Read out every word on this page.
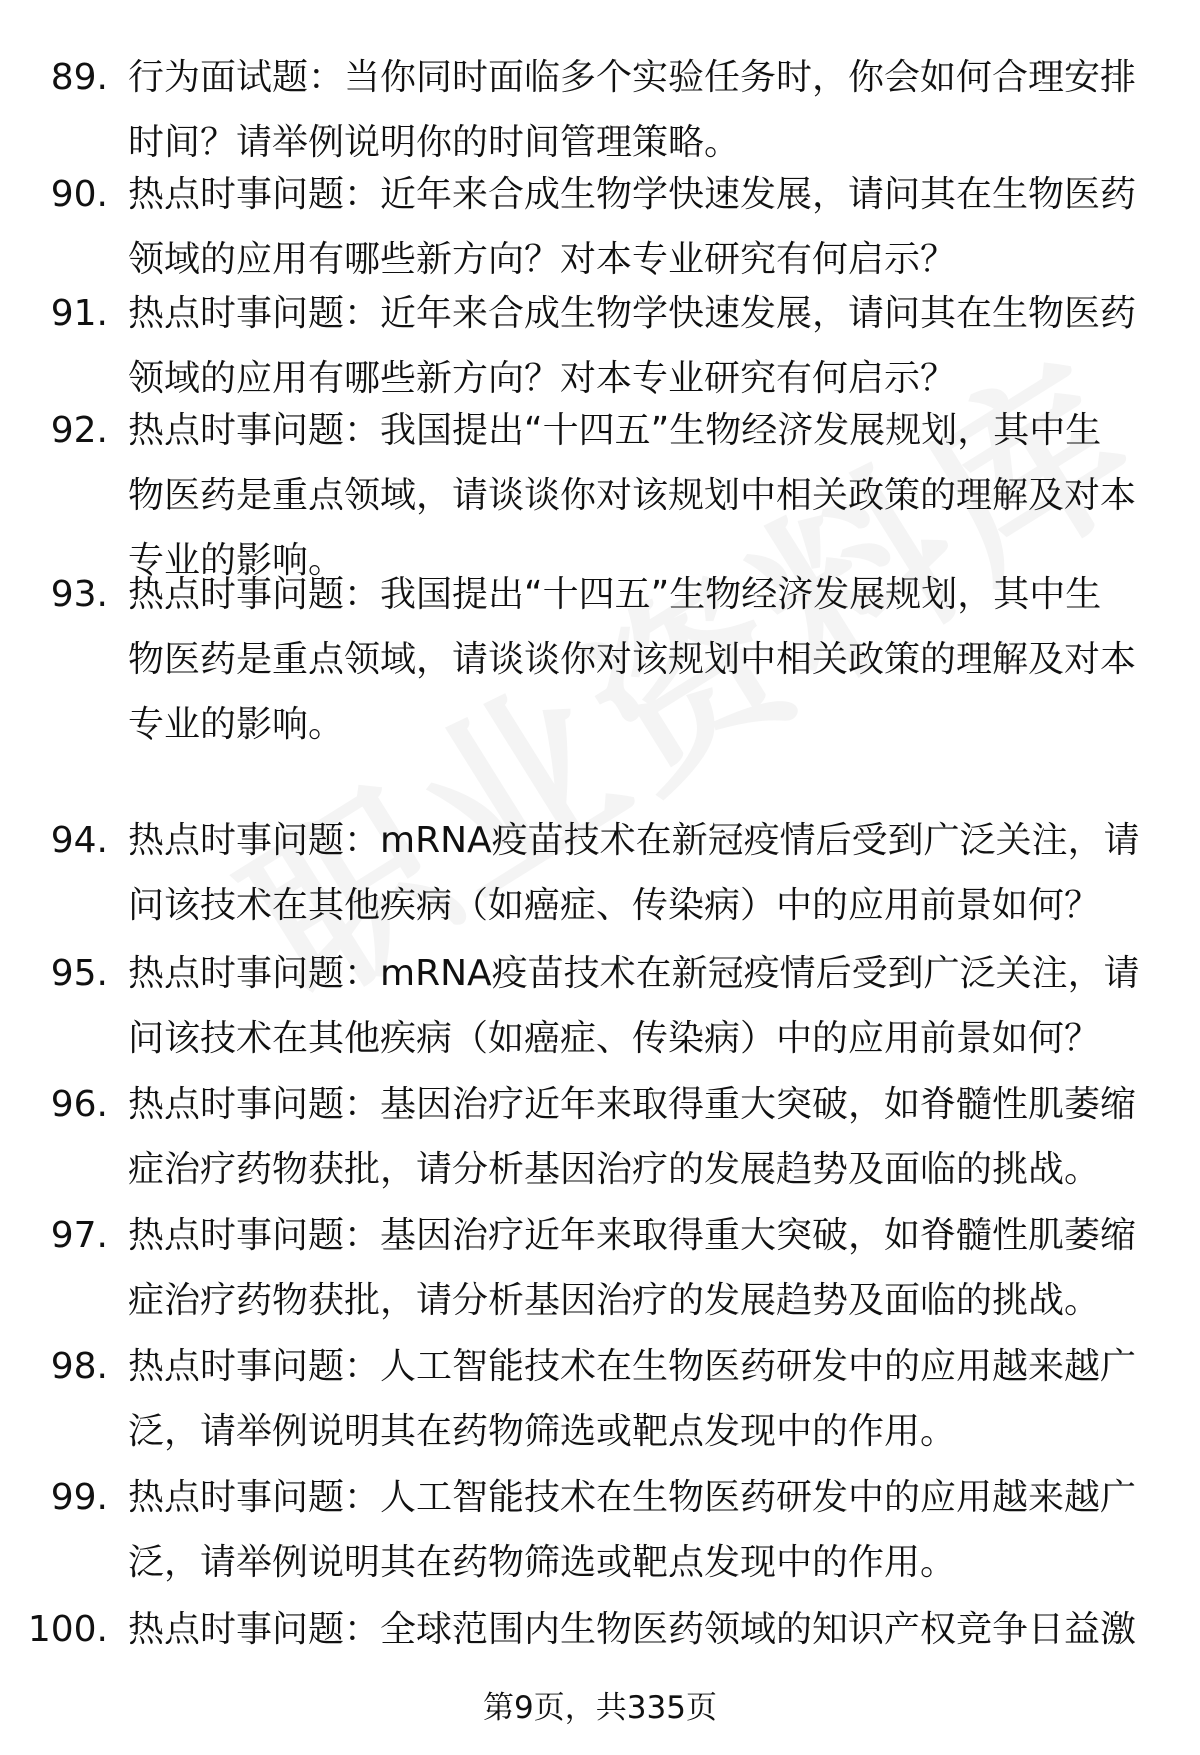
89. 行为面试题：当你同时面临多个实验任务时，你会如何合理安排
时间？请举例说明你的时间管理策略。
90. 热点时事问题：近年来合成生物学快速发展，请问其在生物医药
领域的应用有哪些新方向？对本专业研究有何启示？
91. 热点时事问题：近年来合成生物学快速发展，请问其在生物医药
领域的应用有哪些新方向？对本专业研究有何启示？
92. 热点时事问题：我国提出“十四五”生物经济发展规划，其中生
物医药是重点领域，请谈谈你对该规划中相关政策的理解及对本
专业的影响。
93. 热点时事问题：我国提出“十四五”生物经济发展规划，其中生
物医药是重点领域，请谈谈你对该规划中相关政策的理解及对本
专业的影响。
94. 热点时事问题：mRNA疫苗技术在新冠疫情后受到广泛关注，请
问该技术在其他疾病（如癌症、传染病）中的应用前景如何？
95. 热点时事问题：mRNA疫苗技术在新冠疫情后受到广泛关注，请
问该技术在其他疾病（如癌症、传染病）中的应用前景如何？
96. 热点时事问题：基因治疗近年来取得重大突破，如脊髓性肌萎缩
症治疗药物获批，请分析基因治疗的发展趋势及面临的挑战。
97. 热点时事问题：基因治疗近年来取得重大突破，如脊髓性肌萎缩
症治疗药物获批，请分析基因治疗的发展趋势及面临的挑战。
98. 热点时事问题：人工智能技术在生物医药研发中的应用越来越广
泛，请举例说明其在药物筛选或靶点发现中的作用。
99. 热点时事问题：人工智能技术在生物医药研发中的应用越来越广
泛，请举例说明其在药物筛选或靶点发现中的作用。
100. 热点时事问题：全球范围内生物医药领域的知识产权竞争日益激
第9页，共335页
